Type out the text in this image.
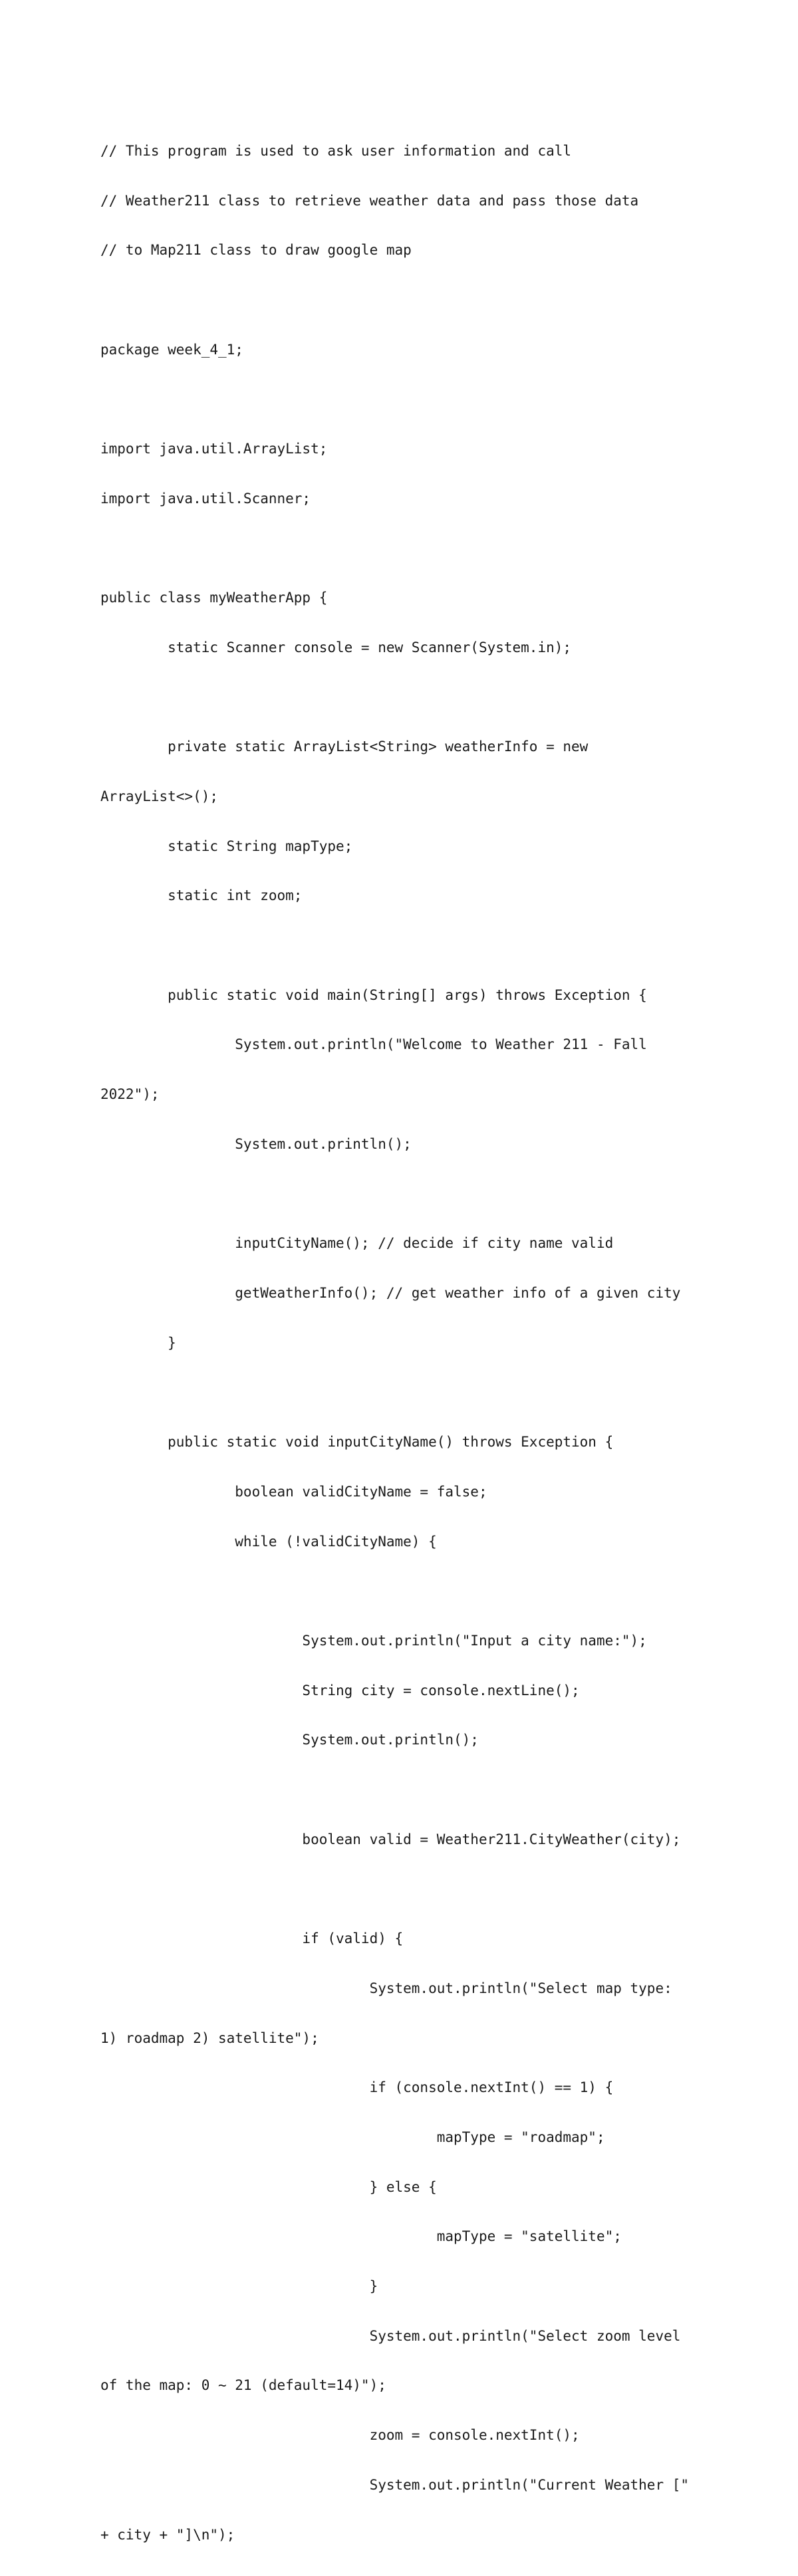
// This program is used to ask user information and call

// Weather211 class to retrieve weather data and pass those data

// to Map211 class to draw google map

package week_4_1;

import java.util.ArrayList;

import java.util.Scanner;

public class myWeatherApp {

static Scanner console = new Scanner(System.in);

private static ArrayList<String> weatherInfo = new

ArrayList<>();

static String mapType;

static int zoom;

public static void main(String[] args) throws Exception {

System.out.println("Welcome to Weather 211 - Fall

2022");

System.out.println();

inputCityName(); // decide if city name valid

getWeatherInfo(); // get weather info of a given city

}

public static void inputCityName() throws Exception {

boolean validCityName = false;

while (!validCityName) {

System.out.println("Input a city name:");

String city = console.nextLine();

System.out.println();

boolean valid = Weather211.CityWeather(city);

if (valid) {

System.out.println("Select map type:

1) roadmap 2) satellite");

if (console.nextInt() == 1) {

mapType = "roadmap";

} else {

mapType = "satellite";

}

System.out.println("Select zoom level

of the map: 0 ~ 21 (default=14)");

zoom = console.nextInt();

System.out.println("Current Weather ["

+ city + "]\n");
